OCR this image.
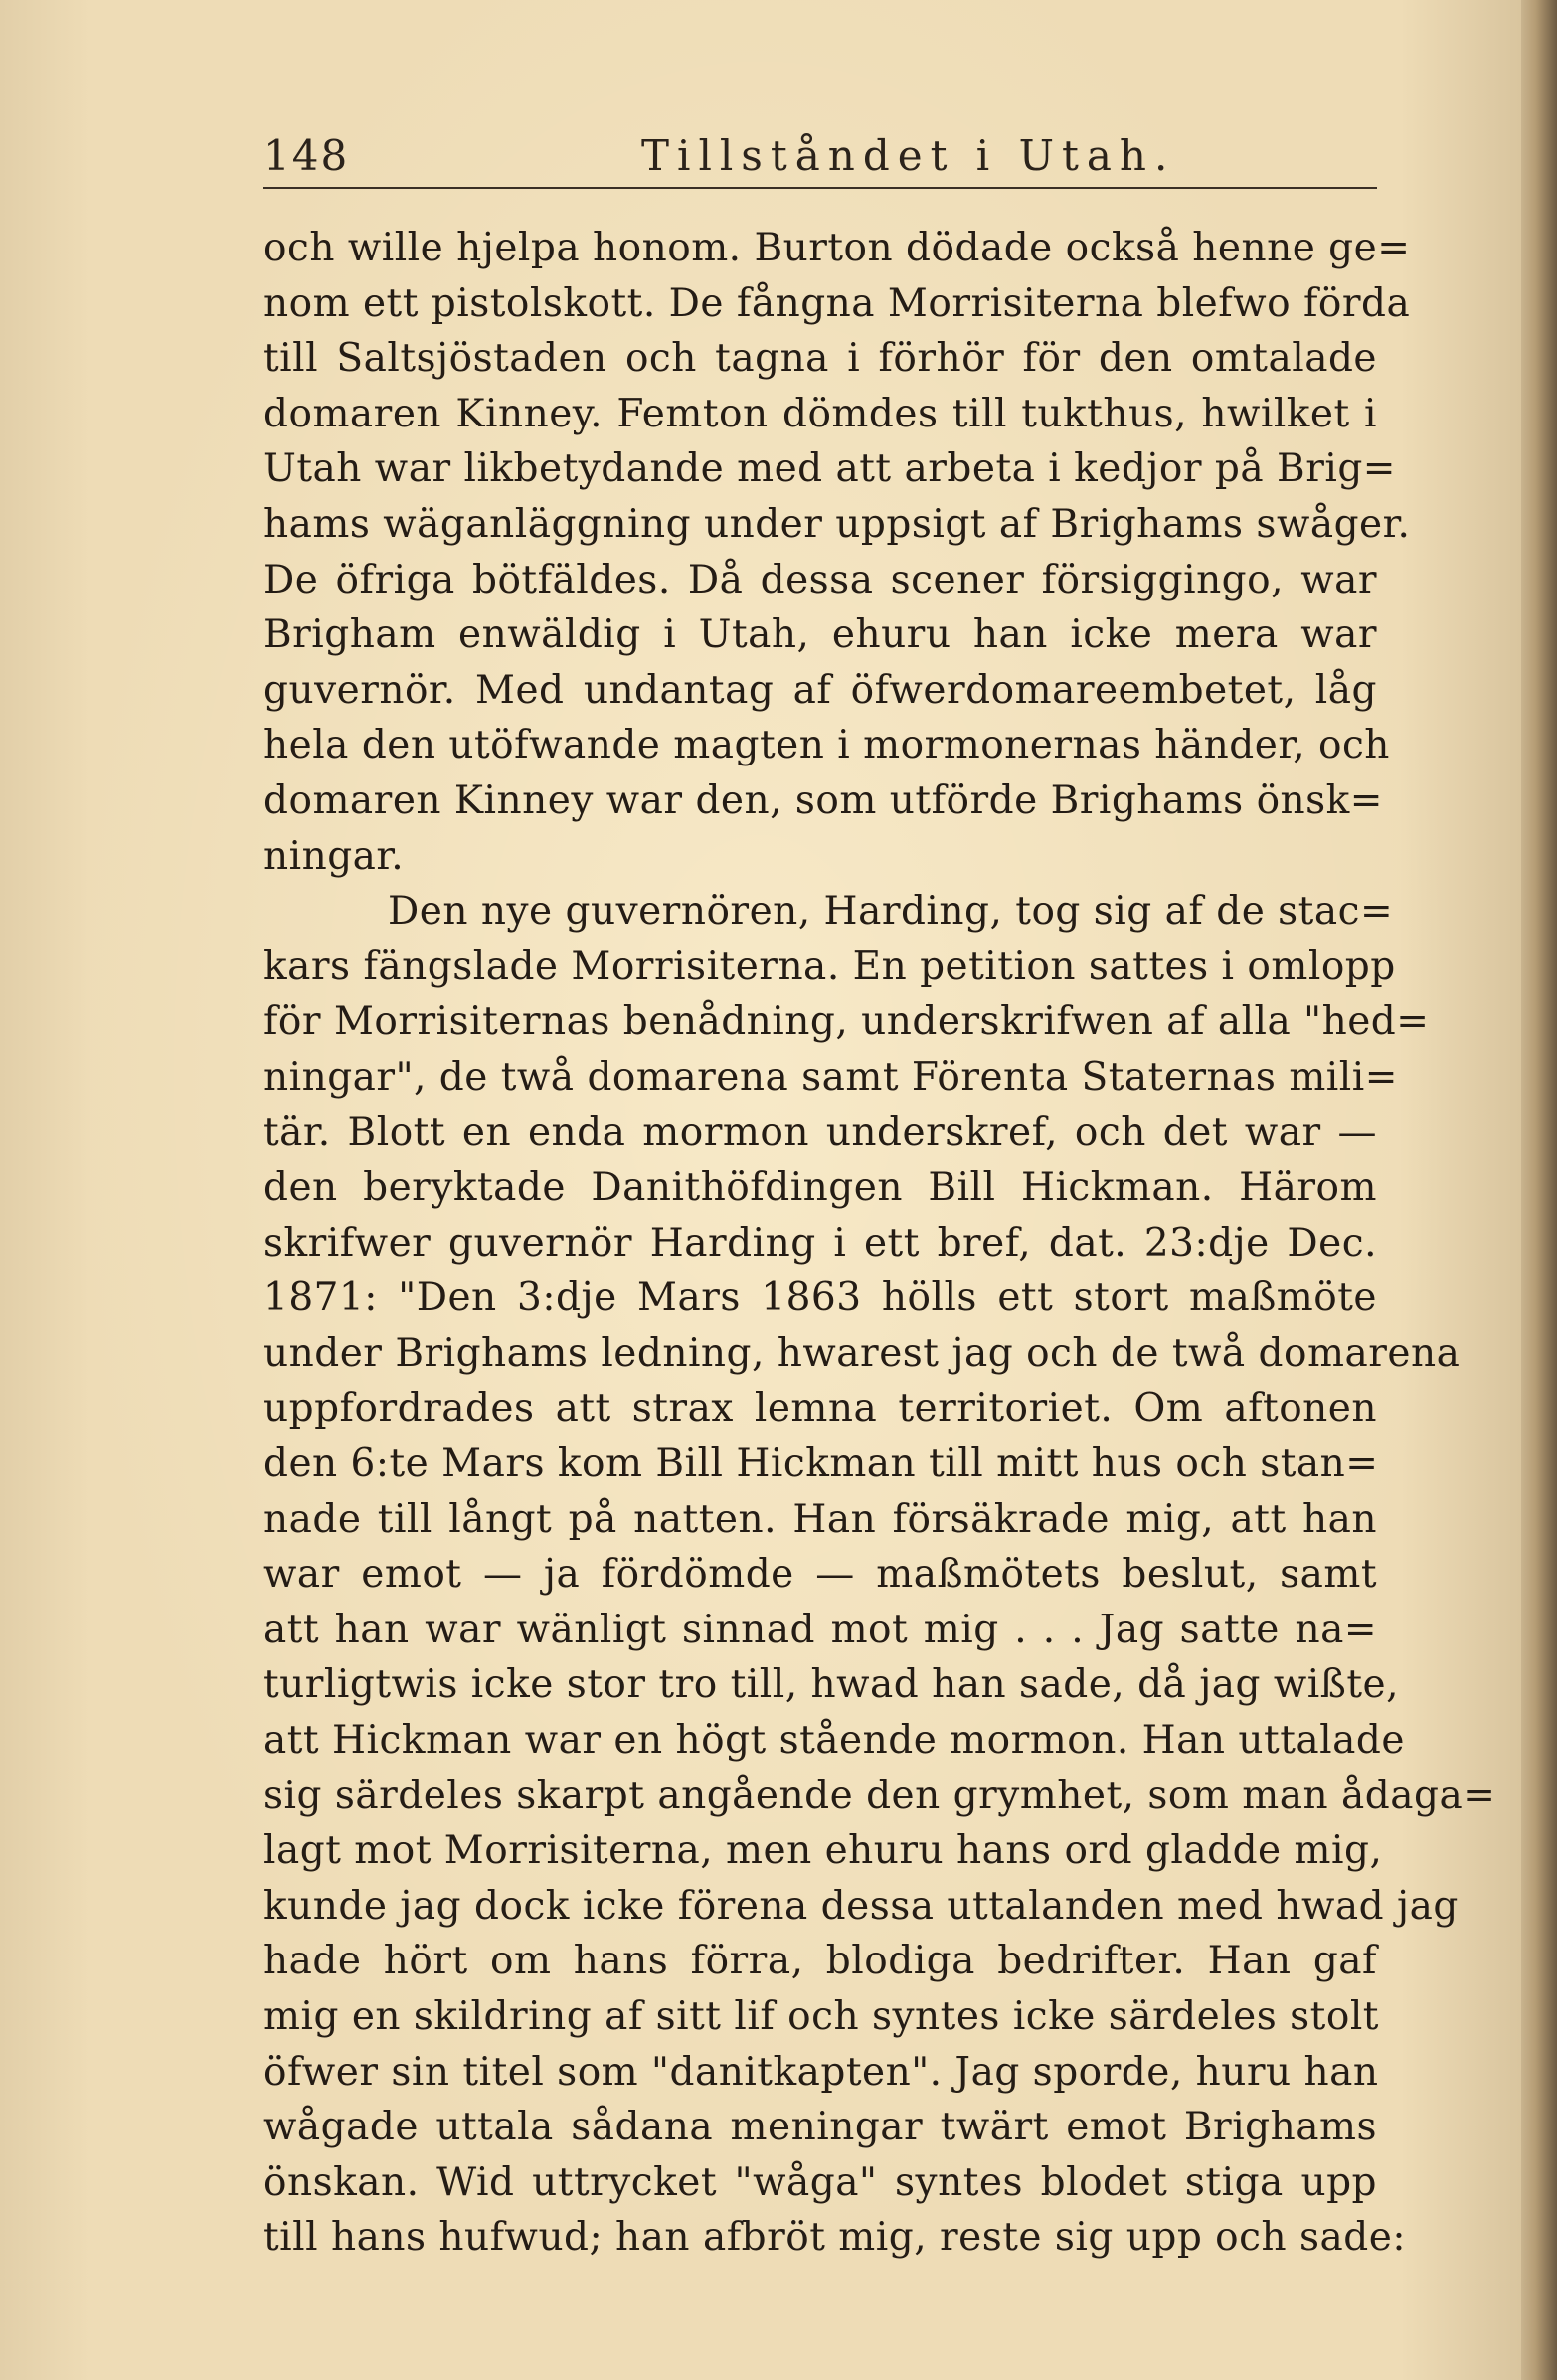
148	Tillståndet i Utah.
och wille hjelpa honom. Burton dödade också henne ge=
nom ett pistolskott. De fångna Morrisiterna blefwo förda
till Saltsjöstaden och tagna i förhör för den omtalade
domaren Kinney. Femton dömdes till tukthus, hwilket i
Utah war likbetydande med att arbeta i kedjor på Brig=
hams wäganläggning under uppsigt af Brighams swåger.
De öfriga bötfäldes. Då dessa scener försiggingo, war
Brigham enwäldig i Utah, ehuru han icke mera war
guvernör. Med undantag af öfwerdomareembetet, låg
hela den utöfwande magten i mormonernas händer, och
domaren Kinney war den, som utförde Brighams önsk=
ningar.
Den nye guvernören, Harding, tog sig af de stac=
kars fängslade Morrisiterna. En petition sattes i omlopp
för Morrisiternas benådning, underskrifwen af alla "hed=
ningar", de twå domarena samt Förenta Staternas mili=
tär. Blott en enda mormon underskref, och det war —
den beryktade Danithöfdingen Bill Hickman. Härom
skrifwer guvernör Harding i ett bref, dat. 23:dje Dec.
1871: "Den 3:dje Mars 1863 hölls ett stort maßmöte
under Brighams ledning, hwarest jag och de twå domarena
uppfordrades att strax lemna territoriet. Om aftonen
den 6:te Mars kom Bill Hickman till mitt hus och stan=
nade till långt på natten. Han försäkrade mig, att han
war emot — ja fördömde — maßmötets beslut, samt
att han war wänligt sinnad mot mig . . . Jag satte na=
turligtwis icke stor tro till, hwad han sade, då jag wißte,
att Hickman war en högt stående mormon. Han uttalade
sig särdeles skarpt angående den grymhet, som man ådaga=
lagt mot Morrisiterna, men ehuru hans ord gladde mig,
kunde jag dock icke förena dessa uttalanden med hwad jag
hade hört om hans förra, blodiga bedrifter. Han gaf
mig en skildring af sitt lif och syntes icke särdeles stolt
öfwer sin titel som "danitkapten". Jag sporde, huru han
wågade uttala sådana meningar twärt emot Brighams
önskan. Wid uttrycket "wåga" syntes blodet stiga upp
till hans hufwud; han afbröt mig, reste sig upp och sade:
